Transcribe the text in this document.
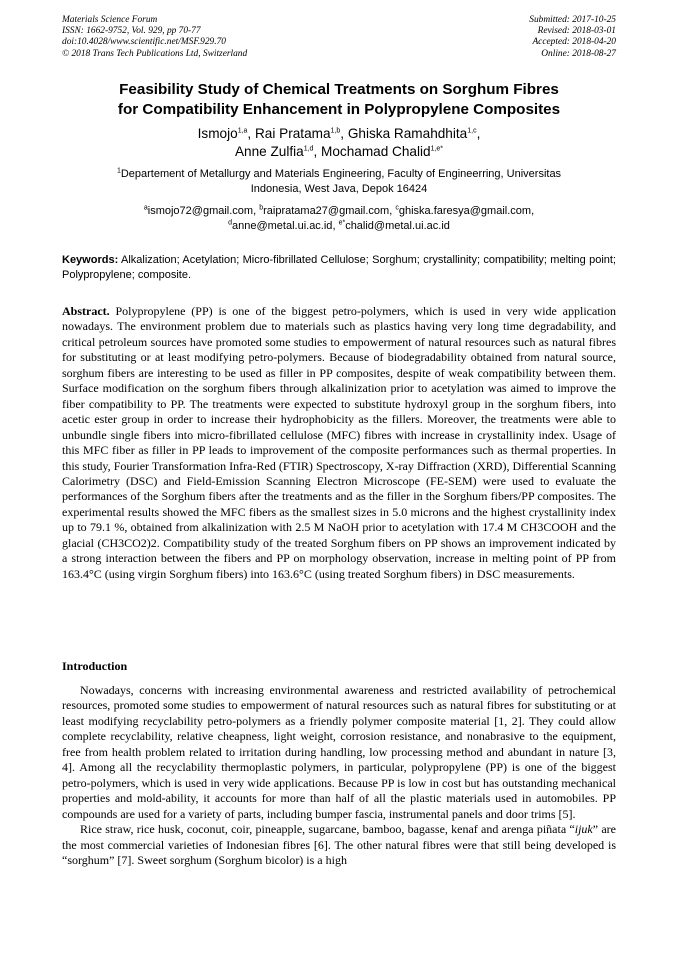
Materials Science Forum
ISSN: 1662-9752, Vol. 929, pp 70-77
doi:10.4028/www.scientific.net/MSF.929.70
© 2018 Trans Tech Publications Ltd, Switzerland
Submitted: 2017-10-25
Revised: 2018-03-01
Accepted: 2018-04-20
Online: 2018-08-27
Feasibility Study of Chemical Treatments on Sorghum Fibres
for Compatibility Enhancement in Polypropylene Composites
Ismojo$^{1,a}$, Rai Pratama$^{1,b}$, Ghiska Ramahdhita$^{1,c}$,
Anne Zulfia$^{1,d}$, Mochamad Chalid$^{1,e*}$
$^1$Departement of Metallurgy and Materials Engineering, Faculty of Engineerring, Universitas
Indonesia, West Java, Depok 16424
$^a$ismojo72@gmail.com, $^b$raipratama27@gmail.com, $^c$ghiska.faresya@gmail.com,
$^d$anne@metal.ui.ac.id, $^{e*}$chalid@metal.ui.ac.id
Keywords: Alkalization; Acetylation; Micro-fibrillated Cellulose; Sorghum; crystallinity; compatibility; melting point; Polypropylene; composite.
Abstract. Polypropylene (PP) is one of the biggest petro-polymers, which is used in very wide application nowadays. The environment problem due to materials such as plastics having very long time degradability, and critical petroleum sources have promoted some studies to empowerment of natural resources such as natural fibres for substituting or at least modifying petro-polymers. Because of biodegradability obtained from natural source, sorghum fibers are interesting to be used as filler in PP composites, despite of weak compatibility between them. Surface modification on the sorghum fibers through alkalinization prior to acetylation was aimed to improve the fiber compatibility to PP. The treatments were expected to substitute hydroxyl group in the sorghum fibers, into acetic ester group in order to increase their hydrophobicity as the fillers. Moreover, the treatments were able to unbundle single fibers into micro-fibrillated cellulose (MFC) fibres with increase in crystallinity index. Usage of this MFC fiber as filler in PP leads to improvement of the composite performances such as thermal properties. In this study, Fourier Transformation Infra-Red (FTIR) Spectroscopy, X-ray Diffraction (XRD), Differential Scanning Calorimetry (DSC) and Field-Emission Scanning Electron Microscope (FE-SEM) were used to evaluate the performances of the Sorghum fibers after the treatments and as the filler in the Sorghum fibers/PP composites. The experimental results showed the MFC fibers as the smallest sizes in 5.0 microns and the highest crystallinity index up to 79.1 %, obtained from alkalinization with 2.5 M NaOH prior to acetylation with 17.4 M CH3COOH and the glacial (CH3CO2)2. Compatibility study of the treated Sorghum fibers on PP shows an improvement indicated by a strong interaction between the fibers and PP on morphology observation, increase in melting point of PP from 163.4°C (using virgin Sorghum fibers) into 163.6°C (using treated Sorghum fibers) in DSC measurements.
Introduction

Nowadays, concerns with increasing environmental awareness and restricted availability of petrochemical resources, promoted some studies to empowerment of natural resources such as natural fibres for substituting or at least modifying recyclability petro-polymers as a friendly polymer composite material [1, 2]. They could allow complete recyclability, relative cheapness, light weight, corrosion resistance, and nonabrasive to the equipment, free from health problem related to irritation during handling, low processing method and abundant in nature [3, 4]. Among all the recyclability thermoplastic polymers, in particular, polypropylene (PP) is one of the biggest petro-polymers, which is used in very wide applications. Because PP is low in cost but has outstanding mechanical properties and mold-ability, it accounts for more than half of all the plastic materials used in automobiles. PP compounds are used for a variety of parts, including bumper fascia, instrumental panels and door trims [5].

Rice straw, rice husk, coconut, coir, pineapple, sugarcane, bamboo, bagasse, kenaf and arenga piñata “ijuk” are the most commercial varieties of Indonesian fibres [6]. The other natural fibres were that still being developed is “sorghum” [7]. Sweet sorghum (Sorghum bicolor) is a high
